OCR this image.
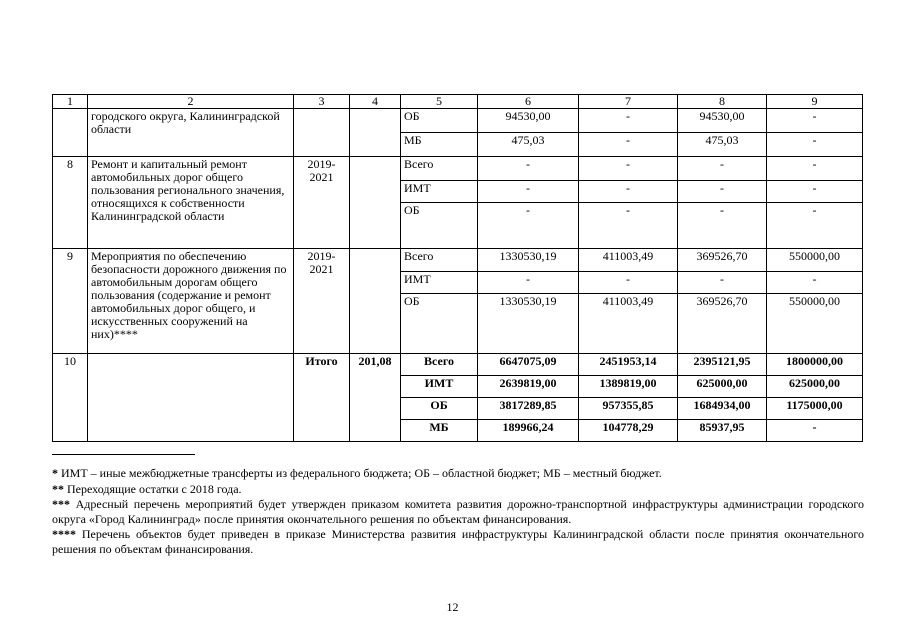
1	2	3	4	5	6	7	8	9
	городского округа, Калининградской области			ОБ	94530,00	-	94530,00	-
				МБ	475,03	-	475,03	-
8	Ремонт и капитальный ремонт автомобильных дорог общего пользования регионального значения, относящихся к собственности Калининградской области	2019-2021		Всего	-	-	-	-
				ИМТ	-	-	-	-
				ОБ	-	-	-	-
9	Мероприятия по обеспечению безопасности дорожного движения по автомобильным дорогам общего пользования (содержание и ремонт автомобильных дорог общего, и искусственных сооружений на них)****	2019-2021		Всего	1330530,19	411003,49	369526,70	550000,00
				ИМТ	-	-	-	-
				ОБ	1330530,19	411003,49	369526,70	550000,00
10		Итого	201,08	Всего	6647075,09	2451953,14	2395121,95	1800000,00
				ИМТ	2639819,00	1389819,00	625000,00	625000,00
				ОБ	3817289,85	957355,85	1684934,00	1175000,00
				МБ	189966,24	104778,29	85937,95	-
* ИМТ – иные межбюджетные трансферты из федерального бюджета; ОБ – областной бюджет; МБ – местный бюджет.
** Переходящие остатки с 2018 года.
*** Адресный перечень мероприятий будет утвержден приказом комитета развития дорожно-транспортной инфраструктуры администрации городского округа «Город Калининград» после принятия окончательного решения по объектам финансирования.
**** Перечень объектов будет приведен в приказе Министерства развития инфраструктуры Калининградской области после принятия окончательного решения по объектам финансирования.
12
